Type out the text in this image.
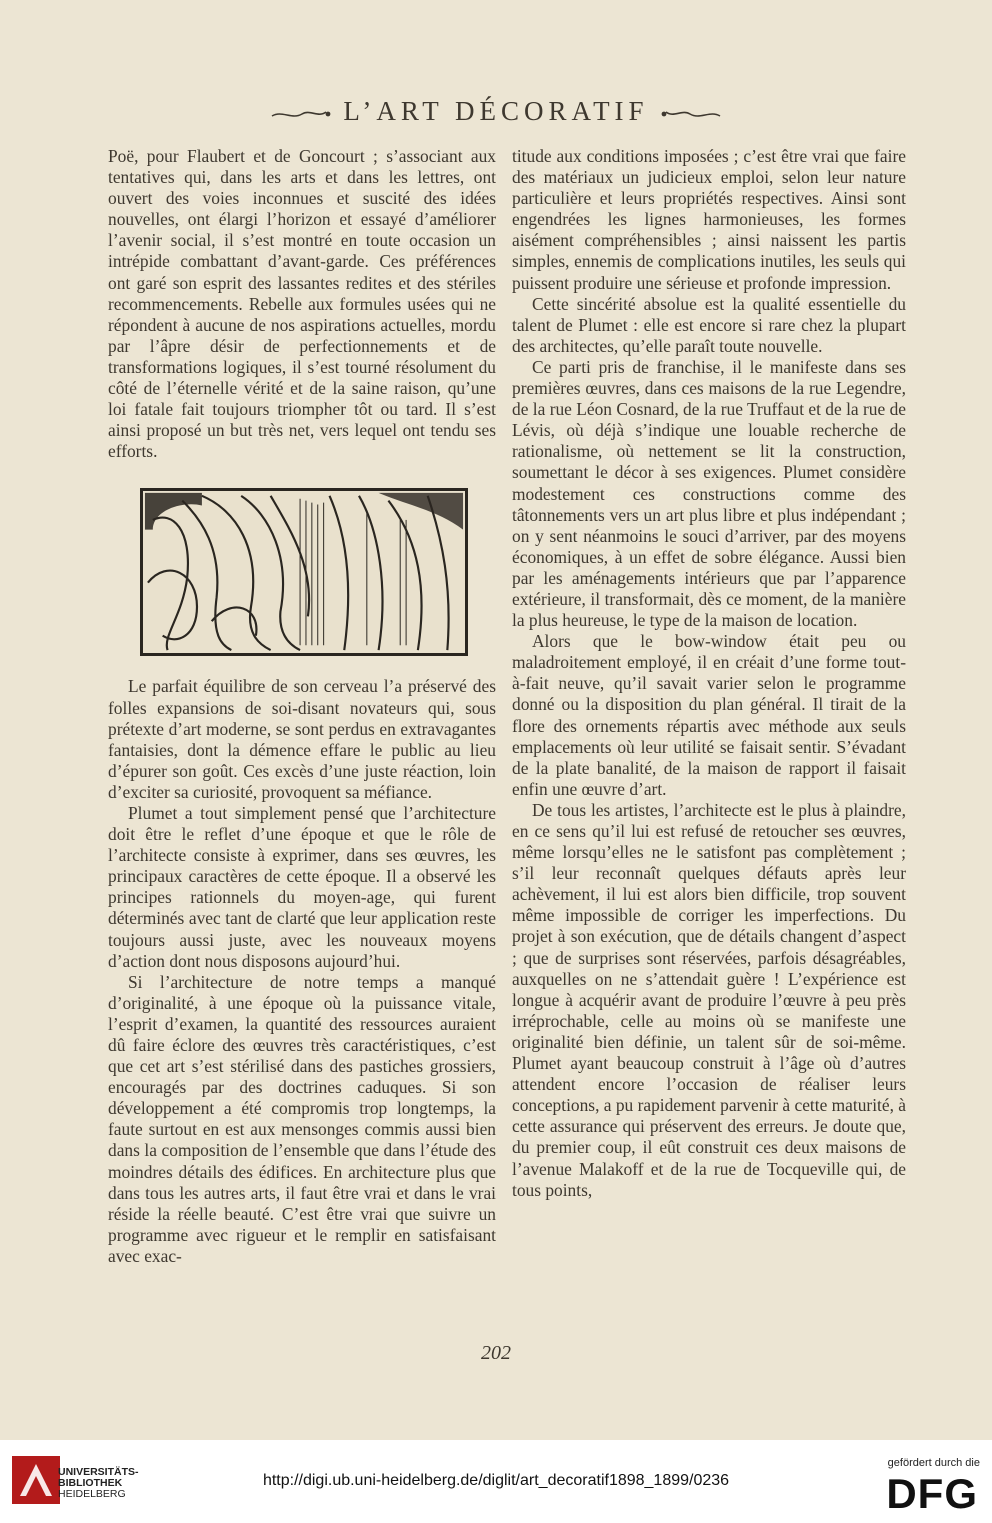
L’ART DÉCORATIF

Poë, pour Flaubert et de Goncourt ; s’associant aux tentatives qui, dans les arts et dans les lettres, ont ouvert des voies inconnues et suscité des idées nouvelles, ont élargi l’horizon et essayé d’améliorer l’avenir social, il s’est montré en toute occasion un intrépide combattant d’avant-garde. Ces préférences ont garé son esprit des lassantes redites et des stériles recommencements. Rebelle aux formules usées qui ne répondent à aucune de nos aspirations actuelles, mordu par l’âpre désir de perfectionnements et de transformations logiques, il s’est tourné résolument du côté de l’éternelle vérité et de la saine raison, qu’une loi fatale fait toujours triompher tôt ou tard. Il s’est ainsi proposé un but très net, vers lequel ont tendu ses efforts.

Le parfait équilibre de son cerveau l’a préservé des folles expansions de soi-disant novateurs qui, sous prétexte d’art moderne, se sont perdus en extravagantes fantaisies, dont la démence effare le public au lieu d’épurer son goût. Ces excès d’une juste réaction, loin d’exciter sa curiosité, provoquent sa méfiance.

Plumet a tout simplement pensé que l’architecture doit être le reflet d’une époque et que le rôle de l’architecte consiste à exprimer, dans ses œuvres, les principaux caractères de cette époque. Il a observé les principes rationnels du moyen-age, qui furent déterminés avec tant de clarté que leur application reste toujours aussi juste, avec les nouveaux moyens d’action dont nous disposons aujourd’hui.

Si l’architecture de notre temps a manqué d’originalité, à une époque où la puissance vitale, l’esprit d’examen, la quantité des ressources auraient dû faire éclore des œuvres très caractéristiques, c’est que cet art s’est stérilisé dans des pastiches grossiers, encouragés par des doctrines caduques. Si son développement a été compromis trop longtemps, la faute surtout en est aux mensonges commis aussi bien dans la composition de l’ensemble que dans l’étude des moindres détails des édifices. En architecture plus que dans tous les autres arts, il faut être vrai et dans le vrai réside la réelle beauté. C’est être vrai que suivre un programme avec rigueur et le remplir en satisfaisant avec exac-

titude aux conditions imposées ; c’est être vrai que faire des matériaux un judicieux emploi, selon leur nature particulière et leurs propriétés respectives. Ainsi sont engendrées les lignes harmonieuses, les formes aisément compréhensibles ; ainsi naissent les partis simples, ennemis de complications inutiles, les seuls qui puissent produire une sérieuse et profonde impression.

Cette sincérité absolue est la qualité essentielle du talent de Plumet : elle est encore si rare chez la plupart des architectes, qu’elle paraît toute nouvelle.

Ce parti pris de franchise, il le manifeste dans ses premières œuvres, dans ces maisons de la rue Legendre, de la rue Léon Cosnard, de la rue Truffaut et de la rue de Lévis, où déjà s’indique une louable recherche de rationalisme, où nettement se lit la construction, soumettant le décor à ses exigences. Plumet considère modestement ces constructions comme des tâtonnements vers un art plus libre et plus indépendant ; on y sent néanmoins le souci d’arriver, par des moyens économiques, à un effet de sobre élégance. Aussi bien par les aménagements intérieurs que par l’apparence extérieure, il transformait, dès ce moment, de la manière la plus heureuse, le type de la maison de location.

Alors que le bow-window était peu ou maladroitement employé, il en créait d’une forme tout-à-fait neuve, qu’il savait varier selon le programme donné ou la disposition du plan général. Il tirait de la flore des ornements répartis avec méthode aux seuls emplacements où leur utilité se faisait sentir. S’évadant de la plate banalité, de la maison de rapport il faisait enfin une œuvre d’art.

De tous les artistes, l’architecte est le plus à plaindre, en ce sens qu’il lui est refusé de retoucher ses œuvres, même lorsqu’elles ne le satisfont pas complètement ; s’il leur reconnaît quelques défauts après leur achèvement, il lui est alors bien difficile, trop souvent même impossible de corriger les imperfections. Du projet à son exécution, que de détails changent d’aspect ; que de surprises sont réservées, parfois désagréables, auxquelles on ne s’attendait guère ! L’expérience est longue à acquérir avant de produire l’œuvre à peu près irréprochable, celle au moins où se manifeste une originalité bien définie, un talent sûr de soi-même. Plumet ayant beaucoup construit à l’âge où d’autres attendent encore l’occasion de réaliser leurs conceptions, a pu rapidement parvenir à cette maturité, à cette assurance qui préservent des erreurs. Je doute que, du premier coup, il eût construit ces deux maisons de l’avenue Malakoff et de la rue de Tocqueville qui, de tous points,

202
UNIVERSITÄTS-
BIBLIOTHEK
HEIDELBERG
http://digi.ub.uni-heidelberg.de/diglit/art_decoratif1898_1899/0236
gefördert durch die
DFG
